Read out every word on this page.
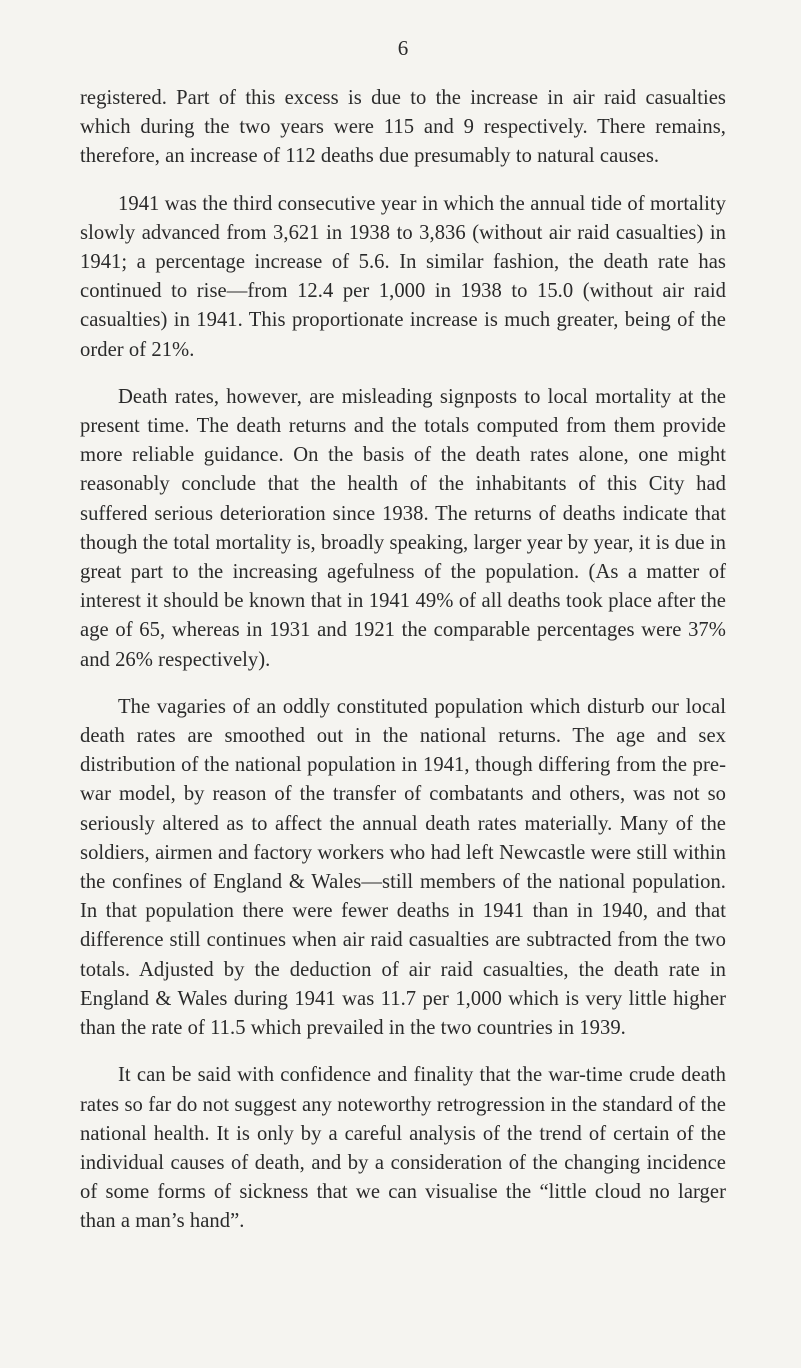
6

registered. Part of this excess is due to the increase in air raid casualties which during the two years were 115 and 9 respectively. There remains, therefore, an increase of 112 deaths due presumably to natural causes.

1941 was the third consecutive year in which the annual tide of mortality slowly advanced from 3,621 in 1938 to 3,836 (without air raid casualties) in 1941; a percentage increase of 5.6. In similar fashion, the death rate has continued to rise—from 12.4 per 1,000 in 1938 to 15.0 (without air raid casualties) in 1941. This proportionate increase is much greater, being of the order of 21%.

Death rates, however, are misleading signposts to local mortality at the present time. The death returns and the totals computed from them provide more reliable guidance. On the basis of the death rates alone, one might reasonably conclude that the health of the inhabitants of this City had suffered serious deterioration since 1938. The returns of deaths indicate that though the total mortality is, broadly speaking, larger year by year, it is due in great part to the increasing agefulness of the population. (As a matter of interest it should be known that in 1941 49% of all deaths took place after the age of 65, whereas in 1931 and 1921 the comparable percentages were 37% and 26% respectively).

The vagaries of an oddly constituted population which disturb our local death rates are smoothed out in the national returns. The age and sex distribution of the national population in 1941, though differing from the pre-war model, by reason of the transfer of combatants and others, was not so seriously altered as to affect the annual death rates materially. Many of the soldiers, airmen and factory workers who had left Newcastle were still within the confines of England & Wales—still members of the national population. In that population there were fewer deaths in 1941 than in 1940, and that difference still continues when air raid casualties are subtracted from the two totals. Adjusted by the deduction of air raid casualties, the death rate in England & Wales during 1941 was 11.7 per 1,000 which is very little higher than the rate of 11.5 which prevailed in the two countries in 1939.

It can be said with confidence and finality that the war-time crude death rates so far do not suggest any noteworthy retrogression in the standard of the national health. It is only by a careful analysis of the trend of certain of the individual causes of death, and by a consideration of the changing incidence of some forms of sickness that we can visualise the “little cloud no larger than a man’s hand”.
